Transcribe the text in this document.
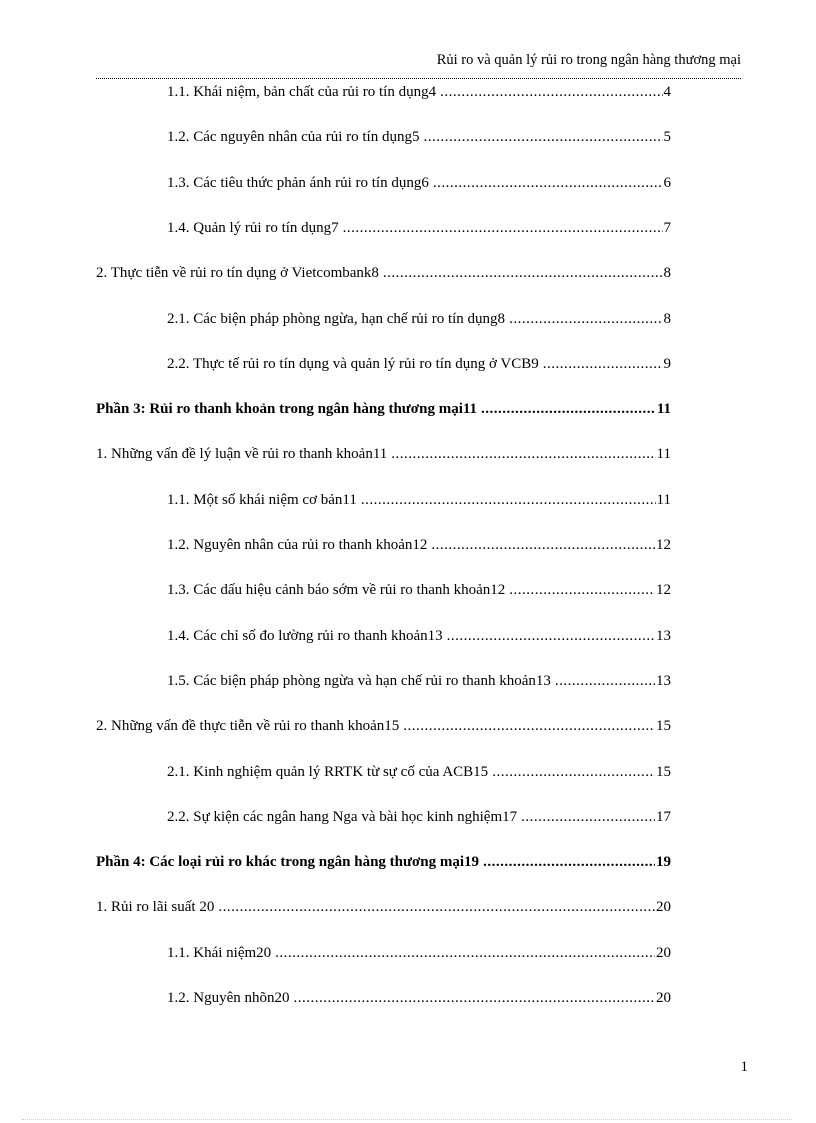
Rủi ro và quản lý rủi ro trong ngân hàng thương mại
1.1. Khái niệm, bản chất của rủi ro tín dụng4 .....	4
1.2. Các nguyên nhân của rủi ro tín dụng5 .....	5
1.3. Các tiêu thức phản ánh rủi ro tín dụng6 .....	6
1.4. Quản lý rủi ro tín dụng7 .....	7
2. Thực tiễn về rủi ro tín dụng ở Vietcombank8 .....	8
2.1. Các biện pháp phòng ngừa, hạn chế rủi ro tín dụng8 .....	8
2.2. Thực tế rủi ro tín dụng và quản lý rủi ro tín dụng ở VCB9 .....	9
Phần 3: Rủi ro thanh khoản trong ngân hàng thương mại11 .....	11
1. Những vấn đề lý luận về rủi ro thanh khoản11 .....	11
1.1. Một số khái niệm cơ bản11 .....	11
1.2. Nguyên nhân của rủi ro thanh khoản12 .....	12
1.3. Các dấu hiệu cảnh báo sớm về rủi ro thanh khoản12 .....	12
1.4. Các chỉ số đo lường rủi ro thanh khoản13 .....	13
1.5. Các biện pháp phòng ngừa và hạn chế rủi ro thanh khoản13 .....	13
2. Những vấn đề thực tiễn về rủi ro thanh khoản15 .....	15
2.1. Kinh nghiệm quản lý RRTK từ sự cố của ACB15 .....	15
2.2. Sự kiện các ngân hang Nga và bài học kinh nghiệm17 .....	17
Phần 4: Các loại rủi ro khác trong ngân hàng thương mại19 .....	19
1. Rủi ro lãi suất 20 .....	20
1.1. Khái niệm20 .....	20
1.2. Nguyên nhõn20 .....	20
1
